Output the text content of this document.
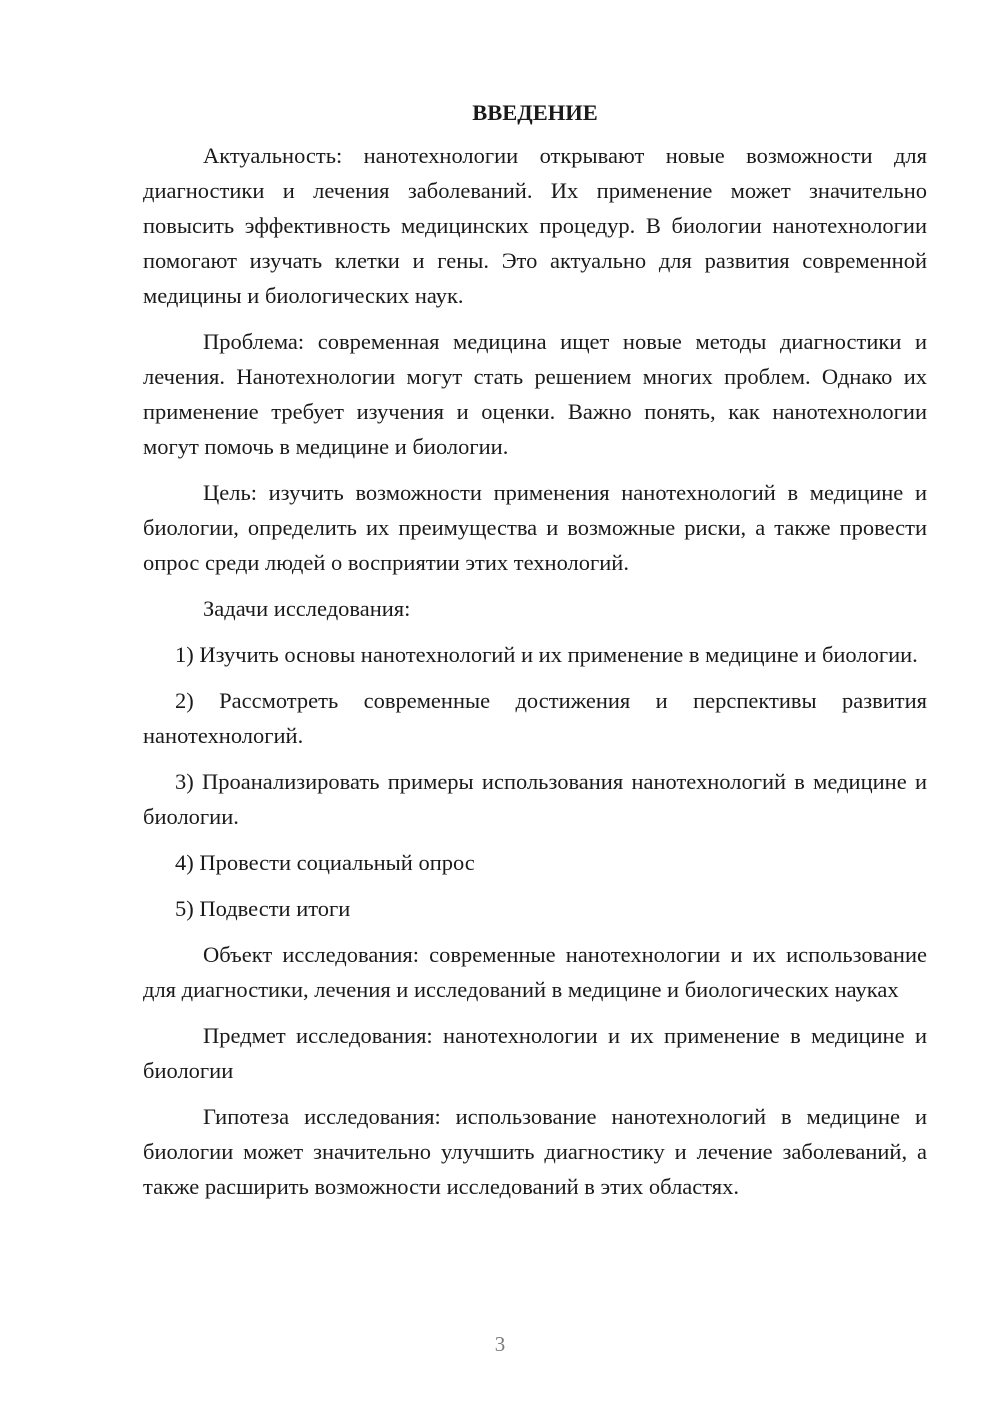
ВВЕДЕНИЕ

Актуальность: нанотехнологии открывают новые возможности для диагностики и лечения заболеваний. Их применение может значительно повысить эффективность медицинских процедур. В биологии нанотехнологии помогают изучать клетки и гены. Это актуально для развития современной медицины и биологических наук.

Проблема: современная медицина ищет новые методы диагностики и лечения. Нанотехнологии могут стать решением многих проблем. Однако их применение требует изучения и оценки. Важно понять, как нанотехнологии могут помочь в медицине и биологии.

Цель: изучить возможности применения нанотехнологий в медицине и биологии, определить их преимущества и возможные риски, а также провести опрос среди людей о восприятии этих технологий.

Задачи исследования:

1) Изучить основы нанотехнологий и их применение в медицине и биологии.

2) Рассмотреть современные достижения и перспективы развития нанотехнологий.

3) Проанализировать примеры использования нанотехнологий в медицине и биологии.

4) Провести социальный опрос

5) Подвести итоги

Объект исследования: современные нанотехнологии и их использование для диагностики, лечения и исследований в медицине и биологических науках

Предмет исследования: нанотехнологии и их применение в медицине и биологии

Гипотеза исследования: использование нанотехнологий в медицине и биологии может значительно улучшить диагностику и лечение заболеваний, а также расширить возможности исследований в этих областях.

3
